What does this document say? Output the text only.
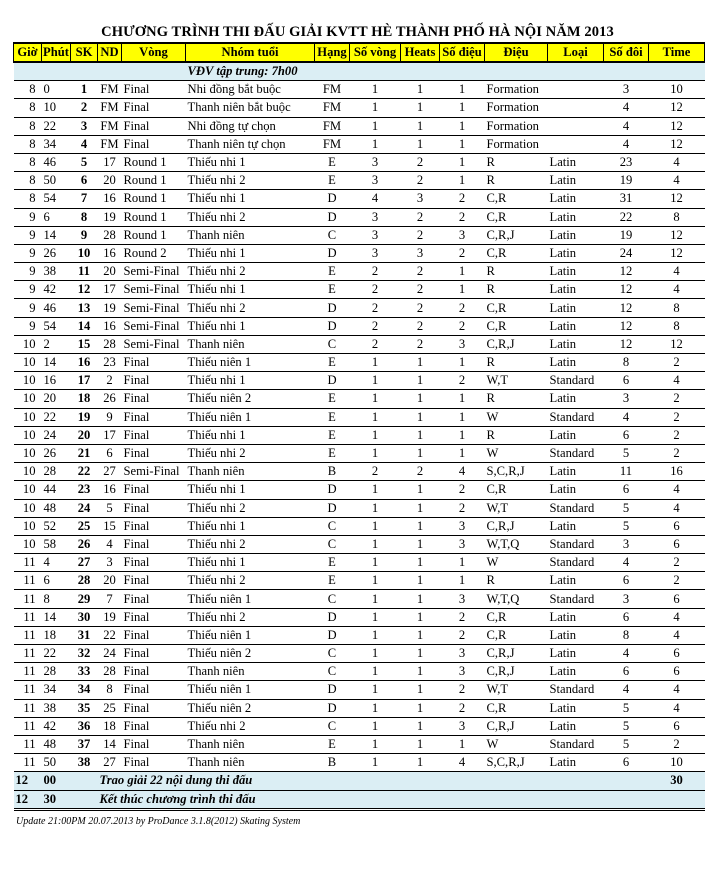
CHƯƠNG TRÌNH THI ĐẤU GIẢI KVTT HÈ THÀNH PHỐ HÀ NỘI NĂM 2013
Giờ	Phút	SK	ND	Vòng	Nhóm tuổi	Hạng	Số vòng	Heats	Số điệu	Điệu	Loại	Số đôi	Time
					VĐV tập trung: 7h00								
8	0	1	FM	Final	Nhi đồng bắt buộc	FM	1	1	1	Formation		3	10
8	10	2	FM	Final	Thanh niên bắt buộc	FM	1	1	1	Formation		4	12
8	22	3	FM	Final	Nhi đồng tự chọn	FM	1	1	1	Formation		4	12
8	34	4	FM	Final	Thanh niên tự chọn	FM	1	1	1	Formation		4	12
8	46	5	17	Round 1	Thiếu nhi 1	E	3	2	1	R	Latin	23	4
8	50	6	20	Round 1	Thiếu nhi 2	E	3	2	1	R	Latin	19	4
8	54	7	16	Round 1	Thiếu nhi 1	D	4	3	2	C,R	Latin	31	12
9	6	8	19	Round 1	Thiếu nhi 2	D	3	2	2	C,R	Latin	22	8
9	14	9	28	Round 1	Thanh niên	C	3	2	3	C,R,J	Latin	19	12
9	26	10	16	Round 2	Thiếu nhi 1	D	3	3	2	C,R	Latin	24	12
9	38	11	20	Semi-Final	Thiếu nhi 2	E	2	2	1	R	Latin	12	4
9	42	12	17	Semi-Final	Thiếu nhi 1	E	2	2	1	R	Latin	12	4
9	46	13	19	Semi-Final	Thiếu nhi 2	D	2	2	2	C,R	Latin	12	8
9	54	14	16	Semi-Final	Thiếu nhi 1	D	2	2	2	C,R	Latin	12	8
10	2	15	28	Semi-Final	Thanh niên	C	2	2	3	C,R,J	Latin	12	12
10	14	16	23	Final	Thiếu niên 1	E	1	1	1	R	Latin	8	2
10	16	17	2	Final	Thiếu nhi 1	D	1	1	2	W,T	Standard	6	4
10	20	18	26	Final	Thiếu niên 2	E	1	1	1	R	Latin	3	2
10	22	19	9	Final	Thiếu niên 1	E	1	1	1	W	Standard	4	2
10	24	20	17	Final	Thiếu nhi 1	E	1	1	1	R	Latin	6	2
10	26	21	6	Final	Thiếu nhi 2	E	1	1	1	W	Standard	5	2
10	28	22	27	Semi-Final	Thanh niên	B	2	2	4	S,C,R,J	Latin	11	16
10	44	23	16	Final	Thiếu nhi 1	D	1	1	2	C,R	Latin	6	4
10	48	24	5	Final	Thiếu nhi 2	D	1	1	2	W,T	Standard	5	4
10	52	25	15	Final	Thiếu nhi 1	C	1	1	3	C,R,J	Latin	5	6
10	58	26	4	Final	Thiếu nhi 2	C	1	1	3	W,T,Q	Standard	3	6
11	4	27	3	Final	Thiếu nhi 1	E	1	1	1	W	Standard	4	2
11	6	28	20	Final	Thiếu nhi 2	E	1	1	1	R	Latin	6	2
11	8	29	7	Final	Thiếu niên 1	C	1	1	3	W,T,Q	Standard	3	6
11	14	30	19	Final	Thiếu nhi 2	D	1	1	2	C,R	Latin	6	4
11	18	31	22	Final	Thiếu niên 1	D	1	1	2	C,R	Latin	8	4
11	22	32	24	Final	Thiếu niên 2	C	1	1	3	C,R,J	Latin	4	6
11	28	33	28	Final	Thanh niên	C	1	1	3	C,R,J	Latin	6	6
11	34	34	8	Final	Thiếu niên 1	D	1	1	2	W,T	Standard	4	4
11	38	35	25	Final	Thiếu niên 2	D	1	1	2	C,R	Latin	5	4
11	42	36	18	Final	Thiếu nhi 2	C	1	1	3	C,R,J	Latin	5	6
11	48	37	14	Final	Thanh niên	E	1	1	1	W	Standard	5	2
11	50	38	27	Final	Thanh niên	B	1	1	4	S,C,R,J	Latin	6	10
12	00		Trao giải 22 nội dung thi đấu										30
12	30		Kết thúc chương trình thi đấu										
Update 21:00PM 20.07.2013 by ProDance 3.1.8(2012) Skating System
